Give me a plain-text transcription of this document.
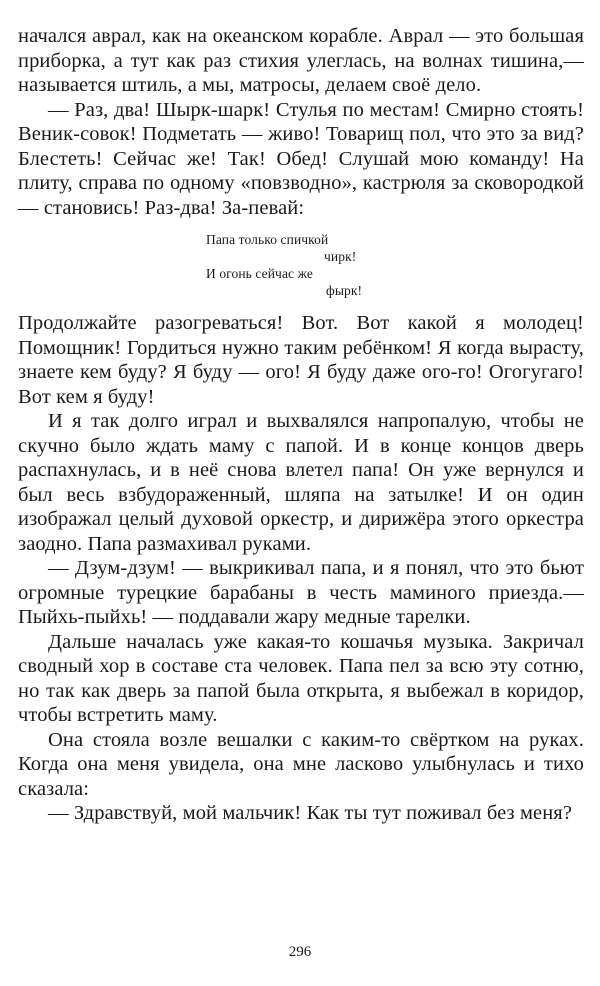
начался аврал, как на океанском корабле. Аврал — это большая приборка, а тут как раз стихия улеглась, на волнах тишина,— называется штиль, а мы, матросы, делаем своё дело.

— Раз, два! Шырк-шарк! Стулья по местам! Смирно стоять! Веник-совок! Подметать — живо! Товарищ пол, что это за вид? Блестеть! Сейчас же! Так! Обед! Слушай мою команду! На плиту, справа по одному «повзводно», кастрюля за сковородкой — становись! Раз-два! За-певай:

Папа только спичкой
чирк!
И огонь сейчас же
фырк!

Продолжайте разогреваться! Вот. Вот какой я молодец! Помощник! Гордиться нужно таким ребёнком! Я когда вырасту, знаете кем буду? Я буду — ого! Я буду даже ого-го! Огогугаго! Вот кем я буду!

И я так долго играл и выхвалялся напропалую, чтобы не скучно было ждать маму с папой. И в конце концов дверь распахнулась, и в неё снова влетел папа! Он уже вернулся и был весь взбудораженный, шляпа на затылке! И он один изображал целый духовой оркестр, и дирижёра этого оркестра заодно. Папа размахивал руками.

— Дзум-дзум! — выкрикивал папа, и я понял, что это бьют огромные турецкие барабаны в честь маминого приезда.— Пыйхь-пыйхь! — поддавали жару медные тарелки.

Дальше началась уже какая-то кошачья музыка. Закричал сводный хор в составе ста человек. Папа пел за всю эту сотню, но так как дверь за папой была открыта, я выбежал в коридор, чтобы встретить маму.

Она стояла возле вешалки с каким-то свёртком на руках. Когда она меня увидела, она мне ласково улыбнулась и тихо сказала:

— Здравствуй, мой мальчик! Как ты тут поживал без меня?

296
